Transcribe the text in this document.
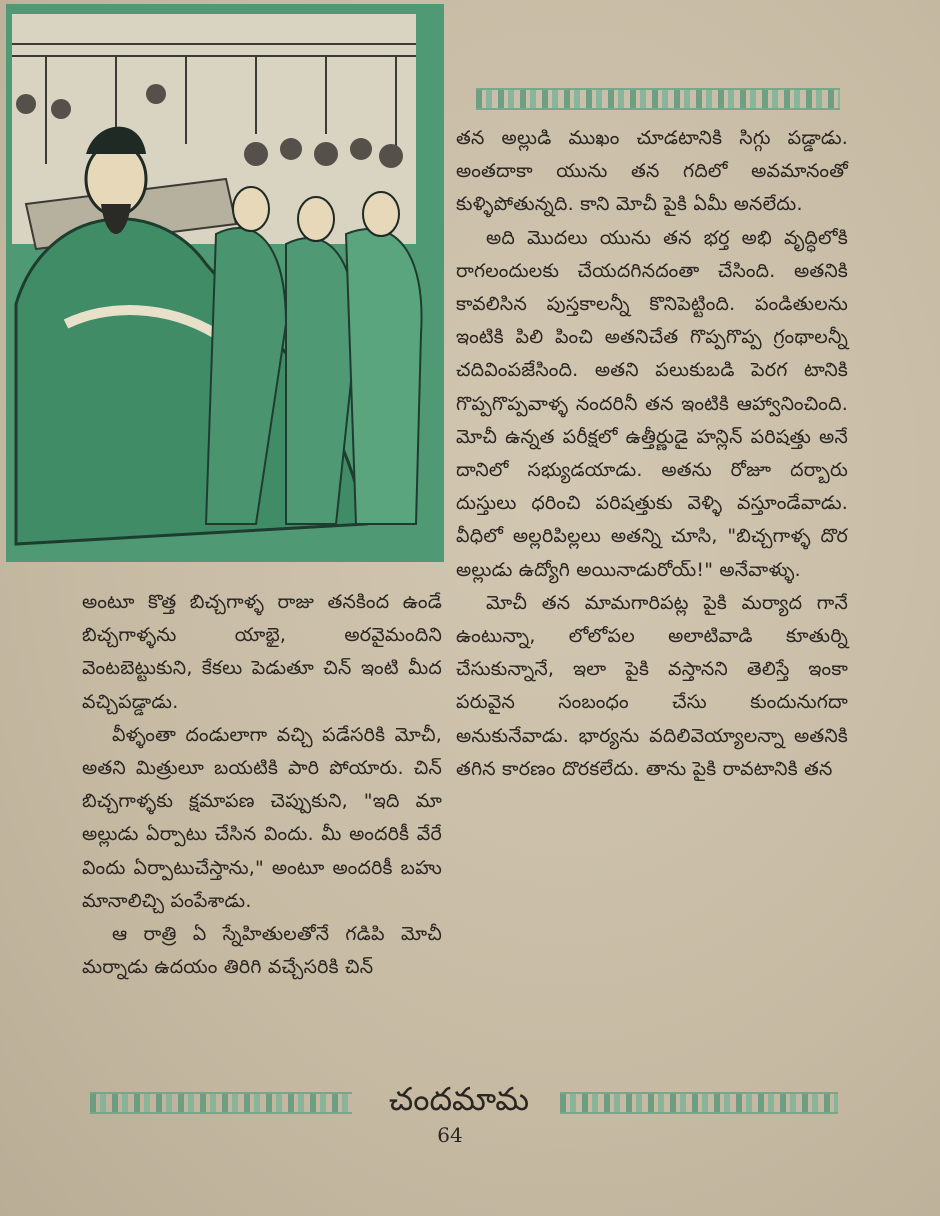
అంటూ కొత్త బిచ్చగాళ్ళ రాజు తనకింద ఉండే బిచ్చగాళ్ళను యాభై, అరవైమందిని వెంటబెట్టుకుని, కేకలు పెడుతూ చిన్ ఇంటి మీద వచ్చిపడ్డాడు.

వీళ్ళంతా దండులాగా వచ్చి పడేసరికి మోచీ, అతని మిత్రులూ బయటికి పారి పోయారు. చిన్ బిచ్చగాళ్ళకు క్షమాపణ చెప్పుకుని, "ఇది మా అల్లుడు ఏర్పాటు చేసిన విందు. మీ అందరికీ వేరే విందు ఏర్పాటుచేస్తాను," అంటూ అందరికీ బహు మానాలిచ్చి పంపేశాడు.

ఆ రాత్రి ఏ స్నేహితులతోనే గడిపి మోచీ మర్నాడు ఉదయం తిరిగి వచ్చేసరికి చిన్

తన అల్లుడి ముఖం చూడటానికి సిగ్గు పడ్డాడు. అంతదాకా యును తన గదిలో అవమానంతో కుళ్ళిపోతున్నది. కాని మోచీ పైకి ఏమీ అనలేదు.

అది మొదలు యును తన భర్త అభి వృద్ధిలోకి రాగలందులకు చేయదగినదంతా చేసింది. అతనికి కావలిసిన పుస్తకాలన్నీ కొనిపెట్టింది. పండితులను ఇంటికి పిలి పించి అతనిచేత గొప్పగొప్ప గ్రంథాలన్నీ చదివింపజేసింది. అతని పలుకుబడి పెరగ టానికి గొప్పగొప్పవాళ్ళ నందరినీ తన ఇంటికి ఆహ్వానించింది. మోచీ ఉన్నత పరీక్షలో ఉత్తీర్ణుడై హన్లిన్ పరిషత్తు అనే దానిలో సభ్యుడయాడు. అతను రోజూ దర్బారు దుస్తులు ధరించి పరిషత్తుకు వెళ్ళి వస్తూండేవాడు. వీధిలో అల్లరిపిల్లలు అతన్ని చూసి, "బిచ్చగాళ్ళ దొర అల్లుడు ఉద్యోగి అయినాడురోయ్!" అనేవాళ్ళు.

మోచీ తన మామగారిపట్ల పైకి మర్యాద గానే ఉంటున్నా, లోలోపల అలాటివాడి కూతుర్ని చేసుకున్నానే, ఇలా పైకి వస్తానని తెలిస్తే ఇంకా పరువైన సంబంధం చేసు కుందునుగదా అనుకునేవాడు. భార్యను వదిలివెయ్యాలన్నా అతనికి తగిన కారణం దొరకలేదు. తాను పైకి రావటానికి తన

చందమామ
64
